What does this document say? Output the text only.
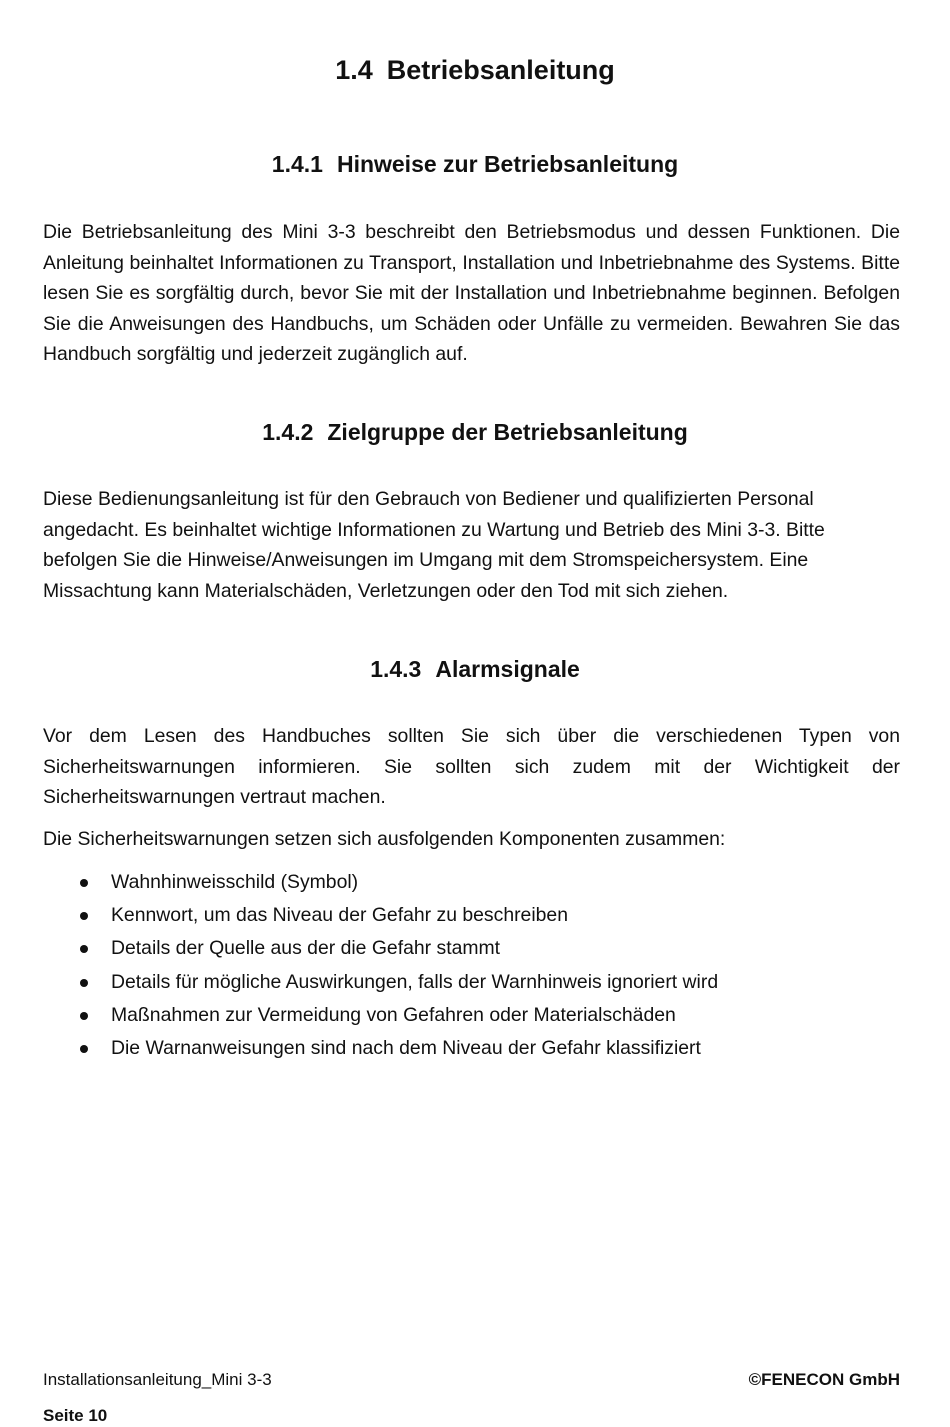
1.4 Betriebsanleitung
1.4.1 Hinweise zur Betriebsanleitung

Die Betriebsanleitung des Mini 3-3 beschreibt den Betriebsmodus und dessen Funktionen. Die Anleitung beinhaltet Informationen zu Transport, Installation und Inbetriebnahme des Systems. Bitte lesen Sie es sorgfältig durch, bevor Sie mit der Installation und Inbetriebnahme beginnen. Befolgen Sie die Anweisungen des Handbuchs, um Schäden oder Unfälle zu vermeiden. Bewahren Sie das Handbuch sorgfältig und jederzeit zugänglich auf.

1.4.2 Zielgruppe der Betriebsanleitung
Diese Bedienungsanleitung ist für den Gebrauch von Bediener und qualifizierten Personal
angedacht. Es beinhaltet wichtige Informationen zu Wartung und Betrieb des Mini 3-3. Bitte
befolgen Sie die Hinweise/Anweisungen im Umgang mit dem Stromspeichersystem. Eine
Missachtung kann Materialschäden, Verletzungen oder den Tod mit sich ziehen.
1.4.3 Alarmsignale

Vor dem Lesen des Handbuches sollten Sie sich über die verschiedenen Typen von Sicherheitswarnungen informieren. Sie sollten sich zudem mit der Wichtigkeit der Sicherheitswarnungen vertraut machen.

Die Sicherheitswarnungen setzen sich ausfolgenden Komponenten zusammen:

Wahnhinweisschild (Symbol)
Kennwort, um das Niveau der Gefahr zu beschreiben
Details der Quelle aus der die Gefahr stammt
Details für mögliche Auswirkungen, falls der Warnhinweis ignoriert wird
Maßnahmen zur Vermeidung von Gefahren oder Materialschäden
Die Warnanweisungen sind nach dem Niveau der Gefahr klassifiziert
Installationsanleitung_Mini 3-3	©FENECON GmbH
Seite 10
